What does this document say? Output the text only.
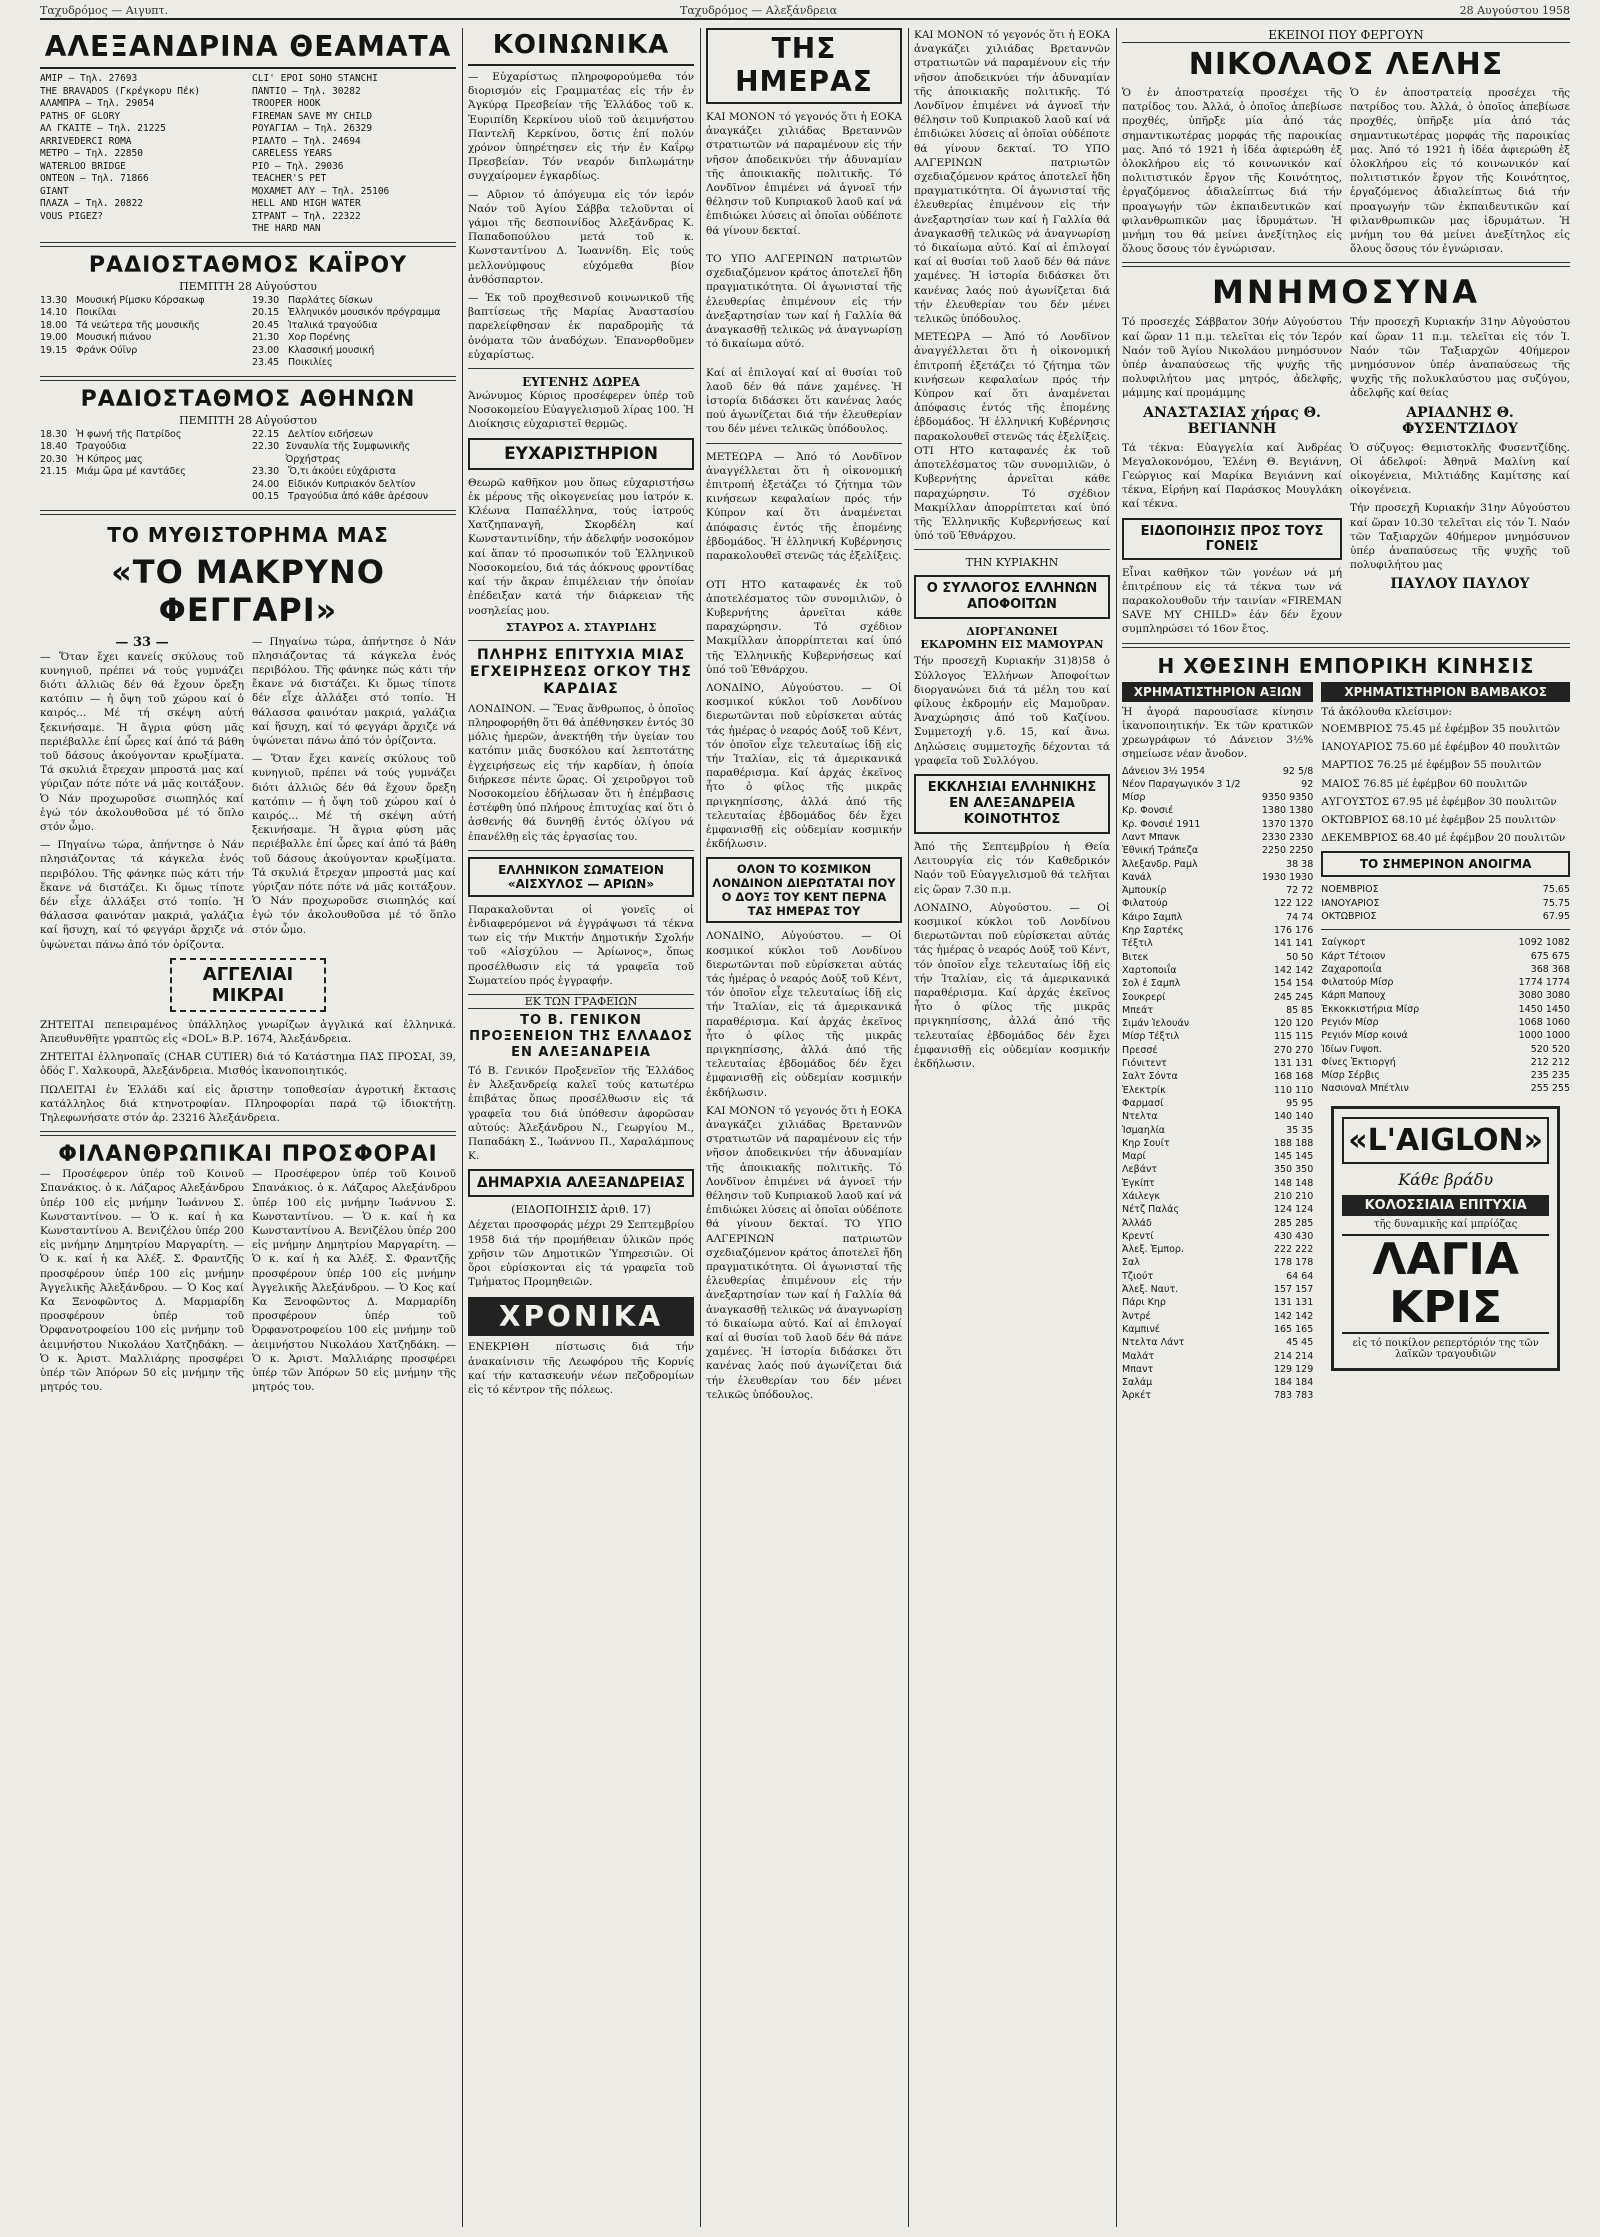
Ταχυδρόμος — Αιγυπτ.	Ταχυδρόμος — Αλεξάνδρεια	28 Αυγούστου 1958
ΑΛΕΞΑΝΔΡΙΝΑ ΘΕΑΜΑΤΑ
ΑΜΙΡ — Τηλ. 27693
THE BRAVADOS (Γκρέγκορυ Πέκ)
ΑΛΑΜΠΡΑ — Τηλ. 29054
PATHS OF GLORY
ΑΛ ΓΚΑΙΤΕ — Τηλ. 21225
ARRIVEDERCI ROMA
ΜΕΤΡΟ — Τηλ. 22850
WATERLOO BRIDGE
ΟΝΤΕΟΝ — Τηλ. 71866
GIANT
ΠΛΑΖΑ — Τηλ. 20822
VOUS PIGEZ?
CLI' EPOI SOHO STANCHI
ΠΑΝΤΙΟ — Τηλ. 30282
TROOPER HOOK
FIREMAN SAVE MY CHILD
ΡΟΥΑΓΙΑΛ — Τηλ. 26329
ΡΙΑΛΤΟ — Τηλ. 24694
CARELESS YEARS
ΡΙΟ — Τηλ. 29036
TEACHER'S PET
ΜΟΧΑΜΕΤ ΑΛΥ — Τηλ. 25106
HELL AND HIGH WATER
ΣΤΡΑΝΤ — Τηλ. 22322
THE HARD MAN
ΡΑΔΙΟΣΤΑΘΜΟΣ ΚΑΪΡΟΥ
ΠΕΜΠΤΗ 28 Αὐγούστου
13.30 Μουσική Ρίμσκυ Κόρσακωφ
14.10 Ποικίλαι
18.00 Τά νεώτερα τῆς μουσικῆς
19.00 Μουσική πιάνου
19.15 Φράνκ Ούϊνρ
19.30 Παρλάτες δίσκων
20.15 Ἑλληνικόν μουσικόν πρόγραμμα
20.45 Ἰταλικά τραγούδια
21.30 Χορ Πορένης
23.00 Κλασσική μουσική
23.45 Ποικιλίες
ΡΑΔΙΟΣΤΑΘΜΟΣ ΑΘΗΝΩΝ
ΠΕΜΠΤΗ 28 Αὐγούστου
18.30 Ἡ φωνή τῆς Πατρίδος
18.40 Τραγούδια
20.30 Ἡ Κύπρος μας
21.15 Μιάμ ὥρα μέ καντάδες
22.15 Δελτίον ειδήσεων
22.30 Συναυλία τῆς Συμφωνικῆς Ὀρχήστρας
23.30 Ὄ,τι ἀκούει εὐχάριστα
24.00 Εἰδικόν Κυπριακόν δελτίον
00.15 Τραγούδια ἀπό κάθε ἀρέσουν
ΤΟ ΜΥΘΙΣΤΟΡΗΜΑ ΜΑΣ
«ΤΟ ΜΑΚΡΥΝΟ ΦΕΓΓΑΡΙ»
— 33 —
— Ὅταν ἔχει κανείς σκύλους τοῦ κυνηγιοῦ, πρέπει νά τούς γυμνάζει διότι ἀλλιῶς δέν θά ἔχουν ὄρεξη κατόπιν — ἡ ὄψη τοῦ χώρου καί ὁ καιρός... Μέ τή σκέψη αὐτή ξεκινήσαμε. Ἡ ἄγρια φύση μᾶς περιέβαλλε ἐπί ὧρες καί ἀπό τά βάθη τοῦ δάσους ἀκούγονταν κρωξίματα. Τά σκυλιά ἔτρεχαν μπροστά μας καί γύριζαν πότε πότε νά μᾶς κοιτάξουν. Ὁ Νάν προχωροῦσε σιωπηλός καί ἐγώ τόν ἀκολουθοῦσα μέ τό ὅπλο στόν ὦμο.
— Πηγαίνω τώρα, ἀπήντησε ὁ Νάν πλησιάζοντας τά κάγκελα ἐνός περιβόλου. Τῆς φάνηκε πώς κάτι τήν ἔκανε νά διστάζει. Κι ὅμως τίποτε δέν εἶχε ἀλλάξει στό τοπίο. Ἡ θάλασσα φαινόταν μακριά, γαλάζια καί ἥσυχη, καί τό φεγγάρι ἄρχιζε νά ὑψώνεται πάνω ἀπό τόν ὁρίζοντα.
— Πηγαίνω τώρα, ἀπήντησε ὁ Νάν πλησιάζοντας τά κάγκελα ἐνός περιβόλου. Τῆς φάνηκε πώς κάτι τήν ἔκανε νά διστάζει. Κι ὅμως τίποτε δέν εἶχε ἀλλάξει στό τοπίο. Ἡ θάλασσα φαινόταν μακριά, γαλάζια καί ἥσυχη, καί τό φεγγάρι ἄρχιζε νά ὑψώνεται πάνω ἀπό τόν ὁρίζοντα.
— Ὅταν ἔχει κανείς σκύλους τοῦ κυνηγιοῦ, πρέπει νά τούς γυμνάζει διότι ἀλλιῶς δέν θά ἔχουν ὄρεξη κατόπιν — ἡ ὄψη τοῦ χώρου καί ὁ καιρός... Μέ τή σκέψη αὐτή ξεκινήσαμε. Ἡ ἄγρια φύση μᾶς περιέβαλλε ἐπί ὧρες καί ἀπό τά βάθη τοῦ δάσους ἀκούγονταν κρωξίματα. Τά σκυλιά ἔτρεχαν μπροστά μας καί γύριζαν πότε πότε νά μᾶς κοιτάξουν. Ὁ Νάν προχωροῦσε σιωπηλός καί ἐγώ τόν ἀκολουθοῦσα μέ τό ὅπλο στόν ὦμο.
ΑΓΓΕΛΙΑΙ
ΜΙΚΡΑΙ
ΖΗΤΕΙΤΑΙ πεπειραμένος ὑπάλληλος γνωρίζων ἀγγλικά καί ἑλληνικά. Ἀπευθυνθῆτε γραπτῶς εἰς «DOL» Β.Ρ. 1674, Ἀλεξάνδρεια.
ΖΗΤΕΙΤΑΙ ἐλληνοπαῖς (CHAR CUTIER) διά τό Κατάστημα ΠΑΣ ΠΡΟΣΑΙ, 39, ὁδός Γ. Χαλκουρᾶ, Ἀλεξάνδρεια. Μισθός ἱκανοποιητικός.
ΠΩΛΕΙΤΑΙ ἐν Ἑλλάδι καί εἰς ἄριστην τοποθεσίαν ἀγροτική ἔκτασις κατάλληλος διά κτηνοτροφίαν. Πληροφορίαι παρά τῷ ἰδιοκτήτῃ. Τηλεφωνήσατε στόν ἀρ. 23216 Ἀλεξάνδρεια.
ΦΙΛΑΝΘΡΩΠΙΚΑΙ ΠΡΟΣΦΟΡΑΙ
— Προσέφερον ὑπέρ τοῦ Κοινοῦ Σπανάκιος. ὁ κ. Λάζαρος Αλεξάνδρου ὑπέρ 100 εἰς μνήμην Ἰωάννου Σ. Κωνσταντίνου. — Ὁ κ. καί ἡ κα Κωνσταντίνου Α. Βενιζέλου ὑπέρ 200 εἰς μνήμην Δημητρίου Μαργαρίτη. — Ὁ κ. καί ἡ κα Ἀλέξ. Σ. Φραντζῆς προσφέρουν ὑπέρ 100 εἰς μνήμην Ἀγγελικῆς Ἀλεξάνδρου. — Ὁ Κος καί Κα Ξενοφῶντος Δ. Μαρμαρίδη προσφέρουν ὑπέρ τοῦ Ὀρφανοτροφείου 100 εἰς μνήμην τοῦ ἀειμνήστου Νικολάου Χατζηδάκη. — Ὁ κ. Ἀριστ. Μαλλιάρης προσφέρει ὑπέρ τῶν Ἀπόρων 50 εἰς μνήμην τῆς μητρός του.
— Προσέφερον ὑπέρ τοῦ Κοινοῦ Σπανάκιος. ὁ κ. Λάζαρος Αλεξάνδρου ὑπέρ 100 εἰς μνήμην Ἰωάννου Σ. Κωνσταντίνου. — Ὁ κ. καί ἡ κα Κωνσταντίνου Α. Βενιζέλου ὑπέρ 200 εἰς μνήμην Δημητρίου Μαργαρίτη. — Ὁ κ. καί ἡ κα Ἀλέξ. Σ. Φραντζῆς προσφέρουν ὑπέρ 100 εἰς μνήμην Ἀγγελικῆς Ἀλεξάνδρου. — Ὁ Κος καί Κα Ξενοφῶντος Δ. Μαρμαρίδη προσφέρουν ὑπέρ τοῦ Ὀρφανοτροφείου 100 εἰς μνήμην τοῦ ἀειμνήστου Νικολάου Χατζηδάκη. — Ὁ κ. Ἀριστ. Μαλλιάρης προσφέρει ὑπέρ τῶν Ἀπόρων 50 εἰς μνήμην τῆς μητρός του.
ΚΟΙΝΩΝΙΚΑ
— Εὐχαρίστως πληροφορούμεθα τόν διορισμόν εἰς Γραμματέας εἰς τήν ἐν Ἀγκύρᾳ Πρεσβείαν τῆς Ἑλλάδος τοῦ κ. Ἐυριπίδη Κερκίνου υἱοῦ τοῦ ἀειμνήστου Παντελῆ Κερκίνου, ὅστις ἐπί πολύν χρόνον ὑπηρέτησεν εἰς τήν ἐν Καΐρῳ Πρεσβείαν. Τόν νεαρόν διπλωμάτην συγχαίρομεν ἐγκαρδίως.
— Αὔριον τό ἀπόγευμα εἰς τόν ἱερόν Ναόν τοῦ Ἀγίου Σάββα τελοῦνται οἱ γάμοι τῆς δεσποινίδος Ἀλεξάνδρας Κ. Παπαδοπούλου μετά τοῦ κ. Κωνσταντίνου Δ. Ἰωαννίδη. Εἰς τούς μελλονύμφους εὐχόμεθα βίον ἀνθόσπαρτον.
— Ἐκ τοῦ προχθεσινοῦ κοινωνικοῦ τῆς βαπτίσεως τῆς Μαρίας Ἀναστασίου παρελείφθησαν ἐκ παραδρομῆς τά ὀνόματα τῶν ἀναδόχων. Ἐπανορθοῦμεν εὐχαρίστως.
ΕΥΓΕΝΗΣ ΔΩΡΕΑ
Ἀνώνυμος Κύριος προσέφερεν ὑπέρ τοῦ Νοσοκομείου Εὐαγγελισμοῦ λίρας 100. Ἡ Διοίκησις εὐχαριστεῖ θερμῶς.
ΕΥΧΑΡΙΣΤΗΡΙΟΝ
Θεωρῶ καθῆκον μου ὅπως εὐχαριστήσω ἐκ μέρους τῆς οἰκογενείας μου ἰατρόν κ. Κλέωνα Παπαέλληνα, τούς ἰατρούς Χατζηπαναγῆ, Σκορδέλη καί Κωνσταντινίδην, τήν ἀδελφήν νοσοκόμον καί ἅπαν τό προσωπικόν τοῦ Ἑλληνικοῦ Νοσοκομείου, διά τάς ἀόκνους φροντίδας καί τήν ἄκραν ἐπιμέλειαν τήν ὁποίαν ἐπέδειξαν κατά τήν διάρκειαν τῆς νοσηλείας μου.
ΣΤΑΥΡΟΣ Α. ΣΤΑΥΡΙΔΗΣ
ΠΛΗΡΗΣ ΕΠΙΤΥΧΙΑ ΜΙΑΣ ΕΓΧΕΙΡΗΣΕΩΣ ΟΓΚΟΥ ΤΗΣ ΚΑΡΔΙΑΣ
ΛΟΝΔΙΝΟΝ. — Ἕνας ἄνθρωπος, ὁ ὁποῖος πληροφορήθη ὅτι θά ἀπέθνησκεν ἐντός 30 μόλις ἡμερῶν, ἀνεκτήθη τήν ὑγείαν του κατόπιν μιᾶς δυσκόλου καί λεπτοτάτης ἐγχειρήσεως εἰς τήν καρδίαν, ἡ ὁποία διήρκεσε πέντε ὥρας. Οἱ χειροῦργοι τοῦ Νοσοκομείου ἐδήλωσαν ὅτι ἡ ἐπέμβασις ἐστέφθη ὑπό πλήρους ἐπιτυχίας καί ὅτι ὁ ἀσθενής θά δυνηθῇ ἐντός ὀλίγου νά ἐπανέλθῃ εἰς τάς ἐργασίας του.
ΕΛΛΗΝΙΚΟΝ ΣΩΜΑΤΕΙΟΝ «ΑΙΣΧΥΛΟΣ — ΑΡΙΩΝ»
Παρακαλοῦνται οἱ γονεῖς οἱ ἐνδιαφερόμενοι νά ἐγγράψωσι τά τέκνα των εἰς τήν Μικτήν Δημοτικήν Σχολήν τοῦ «Αἰσχύλου — Ἀρίωνος», ὅπως προσέλθωσιν εἰς τά γραφεῖα τοῦ Σωματείου πρός ἐγγραφήν.
ΕΚ ΤΩΝ ΓΡΑΦΕΙΩΝ
ΤΟ Β. ΓΕΝΙΚΟΝ ΠΡΟΞΕΝΕΙΟΝ ΤΗΣ ΕΛΛΑΔΟΣ ΕΝ ΑΛΕΞΑΝΔΡΕΙΑ
Τό Β. Γενικόν Προξενεῖον τῆς Ἑλλάδος ἐν Ἀλεξανδρείᾳ καλεῖ τούς κατωτέρω ἐπιβάτας ὅπως προσέλθωσιν εἰς τά γραφεῖα του διά ὑπόθεσιν ἀφορῶσαν αὐτούς: Ἀλεξάνδρου Ν., Γεωργίου Μ., Παπαδάκη Σ., Ἰωάννου Π., Χαραλάμπους Κ.
ΔΗΜΑΡΧΙΑ ΑΛΕΞΑΝΔΡΕΙΑΣ
(ΕΙΔΟΠΟΙΗΣΙΣ ἀριθ. 17)
Δέχεται προσφοράς μέχρι 29 Σεπτεμβρίου 1958 διά τήν προμήθειαν ὑλικῶν πρός χρῆσιν τῶν Δημοτικῶν Ὑπηρεσιῶν. Οἱ ὅροι εὑρίσκονται εἰς τά γραφεῖα τοῦ Τμήματος Προμηθειῶν.
ΧΡΟΝΙΚΑ
ΕΝΕΚΡΙΘΗ πίστωσις διά τήν ἀνακαίνισιν τῆς Λεωφόρου τῆς Κορνίς καί τήν κατασκευήν νέων πεζοδρομίων εἰς τό κέντρον τῆς πόλεως.
ΤΗΣ ΗΜΕΡΑΣ
ΚΑΙ ΜΟΝΟΝ τό γεγονός ὅτι ἡ ΕΟΚΑ ἀναγκάζει χιλιάδας Βρεταννῶν στρατιωτῶν νά παραμένουν εἰς τήν νῆσον ἀποδεικνύει τήν ἀδυναμίαν τῆς ἀποικιακῆς πολιτικῆς. Τό Λονδῖνον ἐπιμένει νά ἀγνοεῖ τήν θέλησιν τοῦ Κυπριακοῦ λαοῦ καί νά ἐπιδιώκει λύσεις αἱ ὁποῖαι οὐδέποτε θά γίνουν δεκταί.

ΤΟ ΥΠΟ ΑΛΓΕΡΙΝΩΝ πατριωτῶν σχεδιαζόμενον κράτος ἀποτελεῖ ἤδη πραγματικότητα. Οἱ ἀγωνισταί τῆς ἐλευθερίας ἐπιμένουν εἰς τήν ἀνεξαρτησίαν των καί ἡ Γαλλία θά ἀναγκασθῇ τελικῶς νά ἀναγνωρίσῃ τό δικαίωμα αὐτό.

Καί αἱ ἐπιλογαί καί αἱ θυσίαι τοῦ λαοῦ δέν θά πάνε χαμένες. Ἡ ἱστορία διδάσκει ὅτι κανένας λαός πού ἀγωνίζεται διά τήν ἐλευθερίαν του δέν μένει τελικῶς ὑπόδουλος.
ΜΕΤΕΩΡΑ — Ἀπό τό Λονδῖνον ἀναγγέλλεται ὅτι ἡ οἰκονομική ἐπιτροπή ἐξετάζει τό ζήτημα τῶν κινήσεων κεφαλαίων πρός τήν Κύπρον καί ὅτι ἀναμένεται ἀπόφασις ἐντός τῆς ἑπομένης ἑβδομάδος. Ἡ ἑλληνική Κυβέρνησις παρακολουθεῖ στενῶς τάς ἐξελίξεις.

ΟΤΙ ΗΤΟ καταφανές ἐκ τοῦ ἀποτελέσματος τῶν συνομιλιῶν, ὁ Κυβερνήτης ἀρνεῖται κάθε παραχώρησιν. Τό σχέδιον Μακμίλλαν ἀπορρίπτεται καί ὑπό τῆς Ἑλληνικῆς Κυβερνήσεως καί ὑπό τοῦ Ἐθνάρχου.
ΛΟΝΔΙΝΟ, Αὐγούστου. — Οἱ κοσμικοί κύκλοι τοῦ Λονδίνου διερωτῶνται ποῦ εὑρίσκεται αὐτάς τάς ἡμέρας ὁ νεαρός Δούξ τοῦ Κέντ, τόν ὁποῖον εἶχε τελευταίως ἰδῇ εἰς τήν Ἰταλίαν, εἰς τά ἀμερικανικά παραθέρισμα. Καί ἀρχάς ἐκεῖνος ἦτο ὁ φίλος τῆς μικρᾶς πριγκηπίσσης, ἀλλά ἀπό τῆς τελευταίας ἐβδομάδος δέν ἔχει ἐμφανισθῇ εἰς οὐδεμίαν κοσμικήν ἐκδήλωσιν.
ΟΛΟΝ ΤΟ ΚΟΣΜΙΚΟΝ ΛΟΝΔΙΝΟΝ ΔΙΕΡΩΤΑΤΑΙ ΠΟΥ Ο ΔΟΥΞ ΤΟΥ ΚΕΝΤ ΠΕΡΝΑ ΤΑΣ ΗΜΕΡΑΣ ΤΟΥ
ΛΟΝΔΙΝΟ, Αὐγούστου. — Οἱ κοσμικοί κύκλοι τοῦ Λονδίνου διερωτῶνται ποῦ εὑρίσκεται αὐτάς τάς ἡμέρας ὁ νεαρός Δούξ τοῦ Κέντ, τόν ὁποῖον εἶχε τελευταίως ἰδῇ εἰς τήν Ἰταλίαν, εἰς τά ἀμερικανικά παραθέρισμα. Καί ἀρχάς ἐκεῖνος ἦτο ὁ φίλος τῆς μικρᾶς πριγκηπίσσης, ἀλλά ἀπό τῆς τελευταίας ἐβδομάδος δέν ἔχει ἐμφανισθῇ εἰς οὐδεμίαν κοσμικήν ἐκδήλωσιν.
ΚΑΙ ΜΟΝΟΝ τό γεγονός ὅτι ἡ ΕΟΚΑ ἀναγκάζει χιλιάδας Βρεταννῶν στρατιωτῶν νά παραμένουν εἰς τήν νῆσον ἀποδεικνύει τήν ἀδυναμίαν τῆς ἀποικιακῆς πολιτικῆς. Τό Λονδῖνον ἐπιμένει νά ἀγνοεῖ τήν θέλησιν τοῦ Κυπριακοῦ λαοῦ καί νά ἐπιδιώκει λύσεις αἱ ὁποῖαι οὐδέποτε θά γίνουν δεκταί. ΤΟ ΥΠΟ ΑΛΓΕΡΙΝΩΝ πατριωτῶν σχεδιαζόμενον κράτος ἀποτελεῖ ἤδη πραγματικότητα. Οἱ ἀγωνισταί τῆς ἐλευθερίας ἐπιμένουν εἰς τήν ἀνεξαρτησίαν των καί ἡ Γαλλία θά ἀναγκασθῇ τελικῶς νά ἀναγνωρίσῃ τό δικαίωμα αὐτό. Καί αἱ ἐπιλογαί καί αἱ θυσίαι τοῦ λαοῦ δέν θά πάνε χαμένες. Ἡ ἱστορία διδάσκει ὅτι κανένας λαός πού ἀγωνίζεται διά τήν ἐλευθερίαν του δέν μένει τελικῶς ὑπόδουλος.
ΚΑΙ ΜΟΝΟΝ τό γεγονός ὅτι ἡ ΕΟΚΑ ἀναγκάζει χιλιάδας Βρεταννῶν στρατιωτῶν νά παραμένουν εἰς τήν νῆσον ἀποδεικνύει τήν ἀδυναμίαν τῆς ἀποικιακῆς πολιτικῆς. Τό Λονδῖνον ἐπιμένει νά ἀγνοεῖ τήν θέλησιν τοῦ Κυπριακοῦ λαοῦ καί νά ἐπιδιώκει λύσεις αἱ ὁποῖαι οὐδέποτε θά γίνουν δεκταί. ΤΟ ΥΠΟ ΑΛΓΕΡΙΝΩΝ πατριωτῶν σχεδιαζόμενον κράτος ἀποτελεῖ ἤδη πραγματικότητα. Οἱ ἀγωνισταί τῆς ἐλευθερίας ἐπιμένουν εἰς τήν ἀνεξαρτησίαν των καί ἡ Γαλλία θά ἀναγκασθῇ τελικῶς νά ἀναγνωρίσῃ τό δικαίωμα αὐτό. Καί αἱ ἐπιλογαί καί αἱ θυσίαι τοῦ λαοῦ δέν θά πάνε χαμένες. Ἡ ἱστορία διδάσκει ὅτι κανένας λαός πού ἀγωνίζεται διά τήν ἐλευθερίαν του δέν μένει τελικῶς ὑπόδουλος.
ΜΕΤΕΩΡΑ — Ἀπό τό Λονδῖνον ἀναγγέλλεται ὅτι ἡ οἰκονομική ἐπιτροπή ἐξετάζει τό ζήτημα τῶν κινήσεων κεφαλαίων πρός τήν Κύπρον καί ὅτι ἀναμένεται ἀπόφασις ἐντός τῆς ἑπομένης ἑβδομάδος. Ἡ ἑλληνική Κυβέρνησις παρακολουθεῖ στενῶς τάς ἐξελίξεις. ΟΤΙ ΗΤΟ καταφανές ἐκ τοῦ ἀποτελέσματος τῶν συνομιλιῶν, ὁ Κυβερνήτης ἀρνεῖται κάθε παραχώρησιν. Τό σχέδιον Μακμίλλαν ἀπορρίπτεται καί ὑπό τῆς Ἑλληνικῆς Κυβερνήσεως καί ὑπό τοῦ Ἐθνάρχου.
ΤΗΝ ΚΥΡΙΑΚΗΝ
Ο ΣΥΛΛΟΓΟΣ ΕΛΛΗΝΩΝ ΑΠΟΦΟΙΤΩΝ
ΔΙΟΡΓΑΝΩΝΕΙ
ΕΚΔΡΟΜΗΝ ΕΙΣ ΜΑΜΟΥΡΑΝ
Τήν προσεχῆ Κυριακήν 31)8)58 ὁ Σύλλογος Ἑλλήνων Ἀποφοίτων διοργανώνει διά τά μέλη του καί φίλους ἐκδρομήν εἰς Μαμοῦραν. Ἀναχώρησις ἀπό τοῦ Καζίνου. Συμμετοχή γ.δ. 15, καί ἄνω. Δηλώσεις συμμετοχῆς δέχονται τά γραφεῖα τοῦ Συλλόγου.
ΕΚΚΛΗΣΙΑΙ ΕΛΛΗΝΙΚΗΣ ΕΝ ΑΛΕΞΑΝΔΡΕΙΑ ΚΟΙΝΟΤΗΤΟΣ
Ἀπό τῆς Σεπτεμβρίου ἡ Θεία Λειτουργία εἰς τόν Καθεδρικόν Ναόν τοῦ Εὐαγγελισμοῦ θά τελῆται εἰς ὥραν 7.30 π.μ.
ΛΟΝΔΙΝΟ, Αὐγούστου. — Οἱ κοσμικοί κύκλοι τοῦ Λονδίνου διερωτῶνται ποῦ εὑρίσκεται αὐτάς τάς ἡμέρας ὁ νεαρός Δούξ τοῦ Κέντ, τόν ὁποῖον εἶχε τελευταίως ἰδῇ εἰς τήν Ἰταλίαν, εἰς τά ἀμερικανικά παραθέρισμα. Καί ἀρχάς ἐκεῖνος ἦτο ὁ φίλος τῆς μικρᾶς πριγκηπίσσης, ἀλλά ἀπό τῆς τελευταίας ἐβδομάδος δέν ἔχει ἐμφανισθῇ εἰς οὐδεμίαν κοσμικήν ἐκδήλωσιν.
ΕΚΕΙΝΟΙ ΠΟΥ ΦΕΡΓΟΥΝ
ΝΙΚΟΛΑΟΣ ΛΕΛΗΣ
Ὁ ἐν ἀποστρατείᾳ προσέχει τῆς πατρίδος του. Ἀλλά, ὁ ὁποῖος ἀπεβίωσε προχθές, ὑπῆρξε μία ἀπό τάς σημαντικωτέρας μορφάς τῆς παροικίας μας. Ἀπό τό 1921 ἡ ἰδέα ἀφιερώθη ἐξ ὁλοκλήρου εἰς τό κοινωνικόν καί πολιτιστικόν ἔργον τῆς Κοινότητος, ἐργαζόμενος ἀδιαλείπτως διά τήν προαγωγήν τῶν ἐκπαιδευτικῶν καί φιλανθρωπικῶν μας ἱδρυμάτων. Ἡ μνήμη του θά μείνει ἀνεξίτηλος εἰς ὅλους ὅσους τόν ἐγνώρισαν.
Ὁ ἐν ἀποστρατείᾳ προσέχει τῆς πατρίδος του. Ἀλλά, ὁ ὁποῖος ἀπεβίωσε προχθές, ὑπῆρξε μία ἀπό τάς σημαντικωτέρας μορφάς τῆς παροικίας μας. Ἀπό τό 1921 ἡ ἰδέα ἀφιερώθη ἐξ ὁλοκλήρου εἰς τό κοινωνικόν καί πολιτιστικόν ἔργον τῆς Κοινότητος, ἐργαζόμενος ἀδιαλείπτως διά τήν προαγωγήν τῶν ἐκπαιδευτικῶν καί φιλανθρωπικῶν μας ἱδρυμάτων. Ἡ μνήμη του θά μείνει ἀνεξίτηλος εἰς ὅλους ὅσους τόν ἐγνώρισαν.
ΜΝΗΜΟΣΥΝΑ
Τό προσεχές Σάββατον 30ήν Αὐγούστου καί ὥραν 11 π.μ. τελεῖται εἰς τόν Ἱερόν Ναόν τοῦ Ἁγίου Νικολάου μνημόσυνον ὑπέρ ἀναπαύσεως τῆς ψυχῆς τῆς πολυφιλήτου μας μητρός, ἀδελφῆς, μάμμης καί προμάμμης
ΑΝΑΣΤΑΣΙΑΣ χήρας Θ. ΒΕΓΙΑΝΝΗ
Τά τέκνα: Εὐαγγελία καί Ἀνδρέας Μεγαλοκονόμου, Ἑλένη Θ. Βεγιάννη, Γεώργιος καί Μαρίκα Βεγιάννη καί τέκνα, Εἰρήνη καί Παράσκος Μουγλάκη καί τέκνα.
ΕΙΔΟΠΟΙΗΣΙΣ ΠΡΟΣ ΤΟΥΣ ΓΟΝΕΙΣ
Εἶναι καθῆκον τῶν γονέων νά μή ἐπιτρέπουν εἰς τά τέκνα των νά παρακολουθοῦν τήν ταινίαν «FIREMAN SAVE MY CHILD» ἐάν δέν ἔχουν συμπληρώσει τό 16ον ἔτος.
Τήν προσεχῆ Κυριακήν 31ην Αὐγούστου καί ὥραν 11 π.μ. τελεῖται εἰς τόν Ἱ. Ναόν τῶν Ταξιαρχῶν 40ήμερον μνημόσυνον ὑπέρ ἀναπαύσεως τῆς ψυχῆς τῆς πολυκλαύστου μας συζύγου, ἀδελφῆς καί θείας
ΑΡΙΑΔΝΗΣ Θ. ΦΥΣΕΝΤΖΙΔΟΥ
Ὁ σύζυγος: Θεμιστοκλῆς Φυσεντζίδης. Οἱ ἀδελφοί: Ἀθηνᾶ Μαλίνη καί οἰκογένεια, Μιλτιάδης Καμίτσης καί οἰκογένεια.
Τήν προσεχῆ Κυριακήν 31ην Αὐγούστου καί ὥραν 10.30 τελεῖται εἰς τόν Ἱ. Ναόν τῶν Ταξιαρχῶν 40ήμερον μνημόσυνον ὑπέρ ἀναπαύσεως τῆς ψυχῆς τοῦ πολυφιλήτου μας
ΠΑΥΛΟΥ ΠΑΥΛΟΥ
Η ΧΘΕΣΙΝΗ ΕΜΠΟΡΙΚΗ ΚΙΝΗΣΙΣ
ΧΡΗΜΑΤΙΣΤΗΡΙΟΝ ΑΞΙΩΝ
Ἡ ἀγορά παρουσίασε κίνησιν ἰκανοποιητικήν. Ἐκ τῶν κρατικῶν χρεωγράφων τό Δάνειον 3½% σημείωσε νέαν ἄνοδον.
Δάνειον 3½ 1954	92 5/8
Νέον Παραγωγικόν 3 1/2	92
Μίσρ	9350 9350
Κρ. Φονσιέ	1380 1380
Κρ. Φονσιέ 1911	1370 1370
Λαντ Μπανκ	2330 2330
Ἐθνική Τράπεζα	2250 2250
Ἀλεξανδρ. Ραμλ	38 38
Κανάλ	1930 1930
Ἀμπουκίρ	72 72
Φιλατούρ	122 122
Κάιρο Σαμπλ	74 74
Κηρ Σαρτέκς	176 176
Τέξτιλ	141 141
Βιτεκ	50 50
Χαρτοποιΐα	142 142
Σολ ἐ Σαμπλ	154 154
Σουκρερί	245 245
Μπεάτ	85 85
Σιμάν Ἱελουάν	120 120
Μίσρ Τέξτιλ	115 115
Πρεσσέ	270 270
Γιόνιτεντ	131 131
Σαλτ Σόντα	168 168
Ἐλεκτρίκ	110 110
Φαρμασί	95 95
Ντελτα	140 140
Ἰσμαηλία	35 35
Κηρ Σουίτ	188 188
Μαρί	145 145
Λεβάντ	350 350
Ἐγκίπτ	148 148
Χάιλεγκ	210 210
Νέτζ Παλάς	124 124
Ἀλλάδ	285 285
Κρεντί	430 430
Ἀλεξ. Ἐμπορ.	222 222
Σαλ	178 178
Τζιούτ	64 64
Ἀλεξ. Ναυτ.	157 157
Πάρι Κηρ	131 131
Ἀντρέ	142 142
Καμπινέ	165 165
Ντελτα Λάντ	45 45
Μαλάτ	214 214
Μπαντ	129 129
Σαλάμ	184 184
Ἀρκέτ	783 783
ΧΡΗΜΑΤΙΣΤΗΡΙΟΝ ΒΑΜΒΑΚΟΣ
Τά ἀκόλουθα κλείσιμον:
ΝΟΕΜΒΡΙΟΣ 75.45 μέ ἐφέμβον 35 πουλιτῶν
ΙΑΝΟΥΑΡΙΟΣ 75.60 μέ ἐφέμβον 40 πουλιτῶν
ΜΑΡΤΙΟΣ 76.25 μέ ἐφέμβον 55 πουλιτῶν
ΜΑΙΟΣ 76.85 μέ ἐφέμβον 60 πουλιτῶν
ΑΥΓΟΥΣΤΟΣ 67.95 μέ ἐφέμβον 30 πουλιτῶν
ΟΚΤΩΒΡΙΟΣ 68.10 μέ ἐφέμβον 25 πουλιτῶν
ΔΕΚΕΜΒΡΙΟΣ 68.40 μέ ἐφέμβον 20 πουλιτῶν
ΤΟ ΣΗΜΕΡΙΝΟΝ ΑΝΟΙΓΜΑ
ΝΟΕΜΒΡΙΟΣ	75.65
ΙΑΝΟΥΑΡΙΟΣ	75.75
ΟΚΤΩΒΡΙΟΣ	67.95
Σαίγκορτ	1092 1082
Κάρτ Τέτοιον	675 675
Ζαχαροποιΐα	368 368
Φιλατούρ Μίσρ	1774 1774
Κάρπ Μαπουχ	3080 3080
Ἑκκοκκιστήρια Μίσρ	1450 1450
Ρεγιόν Μίσρ	1068 1060
Ρεγιόν Μίσρ κοινά	1000 1000
Ἰδίων Γυψοπ.	520 520
Φίνες Ἑκτιοργή	212 212
Μίσρ Σέρβις	235 235
Νασιοναλ Μπέτλιν	255 255
«L'AIGLON»
Κάθε βράδυ
ΚΟΛΟΣΣΙΑΙΑ ΕΠΙΤΥΧΙΑ
τῆς δυναμικῆς καί μπρίόζας
ΛΑΓΙΑ ΚΡΙΣ
εἰς τό ποικίλον ρεπερτόριόν της τῶν λαϊκῶν τραγουδιῶν
